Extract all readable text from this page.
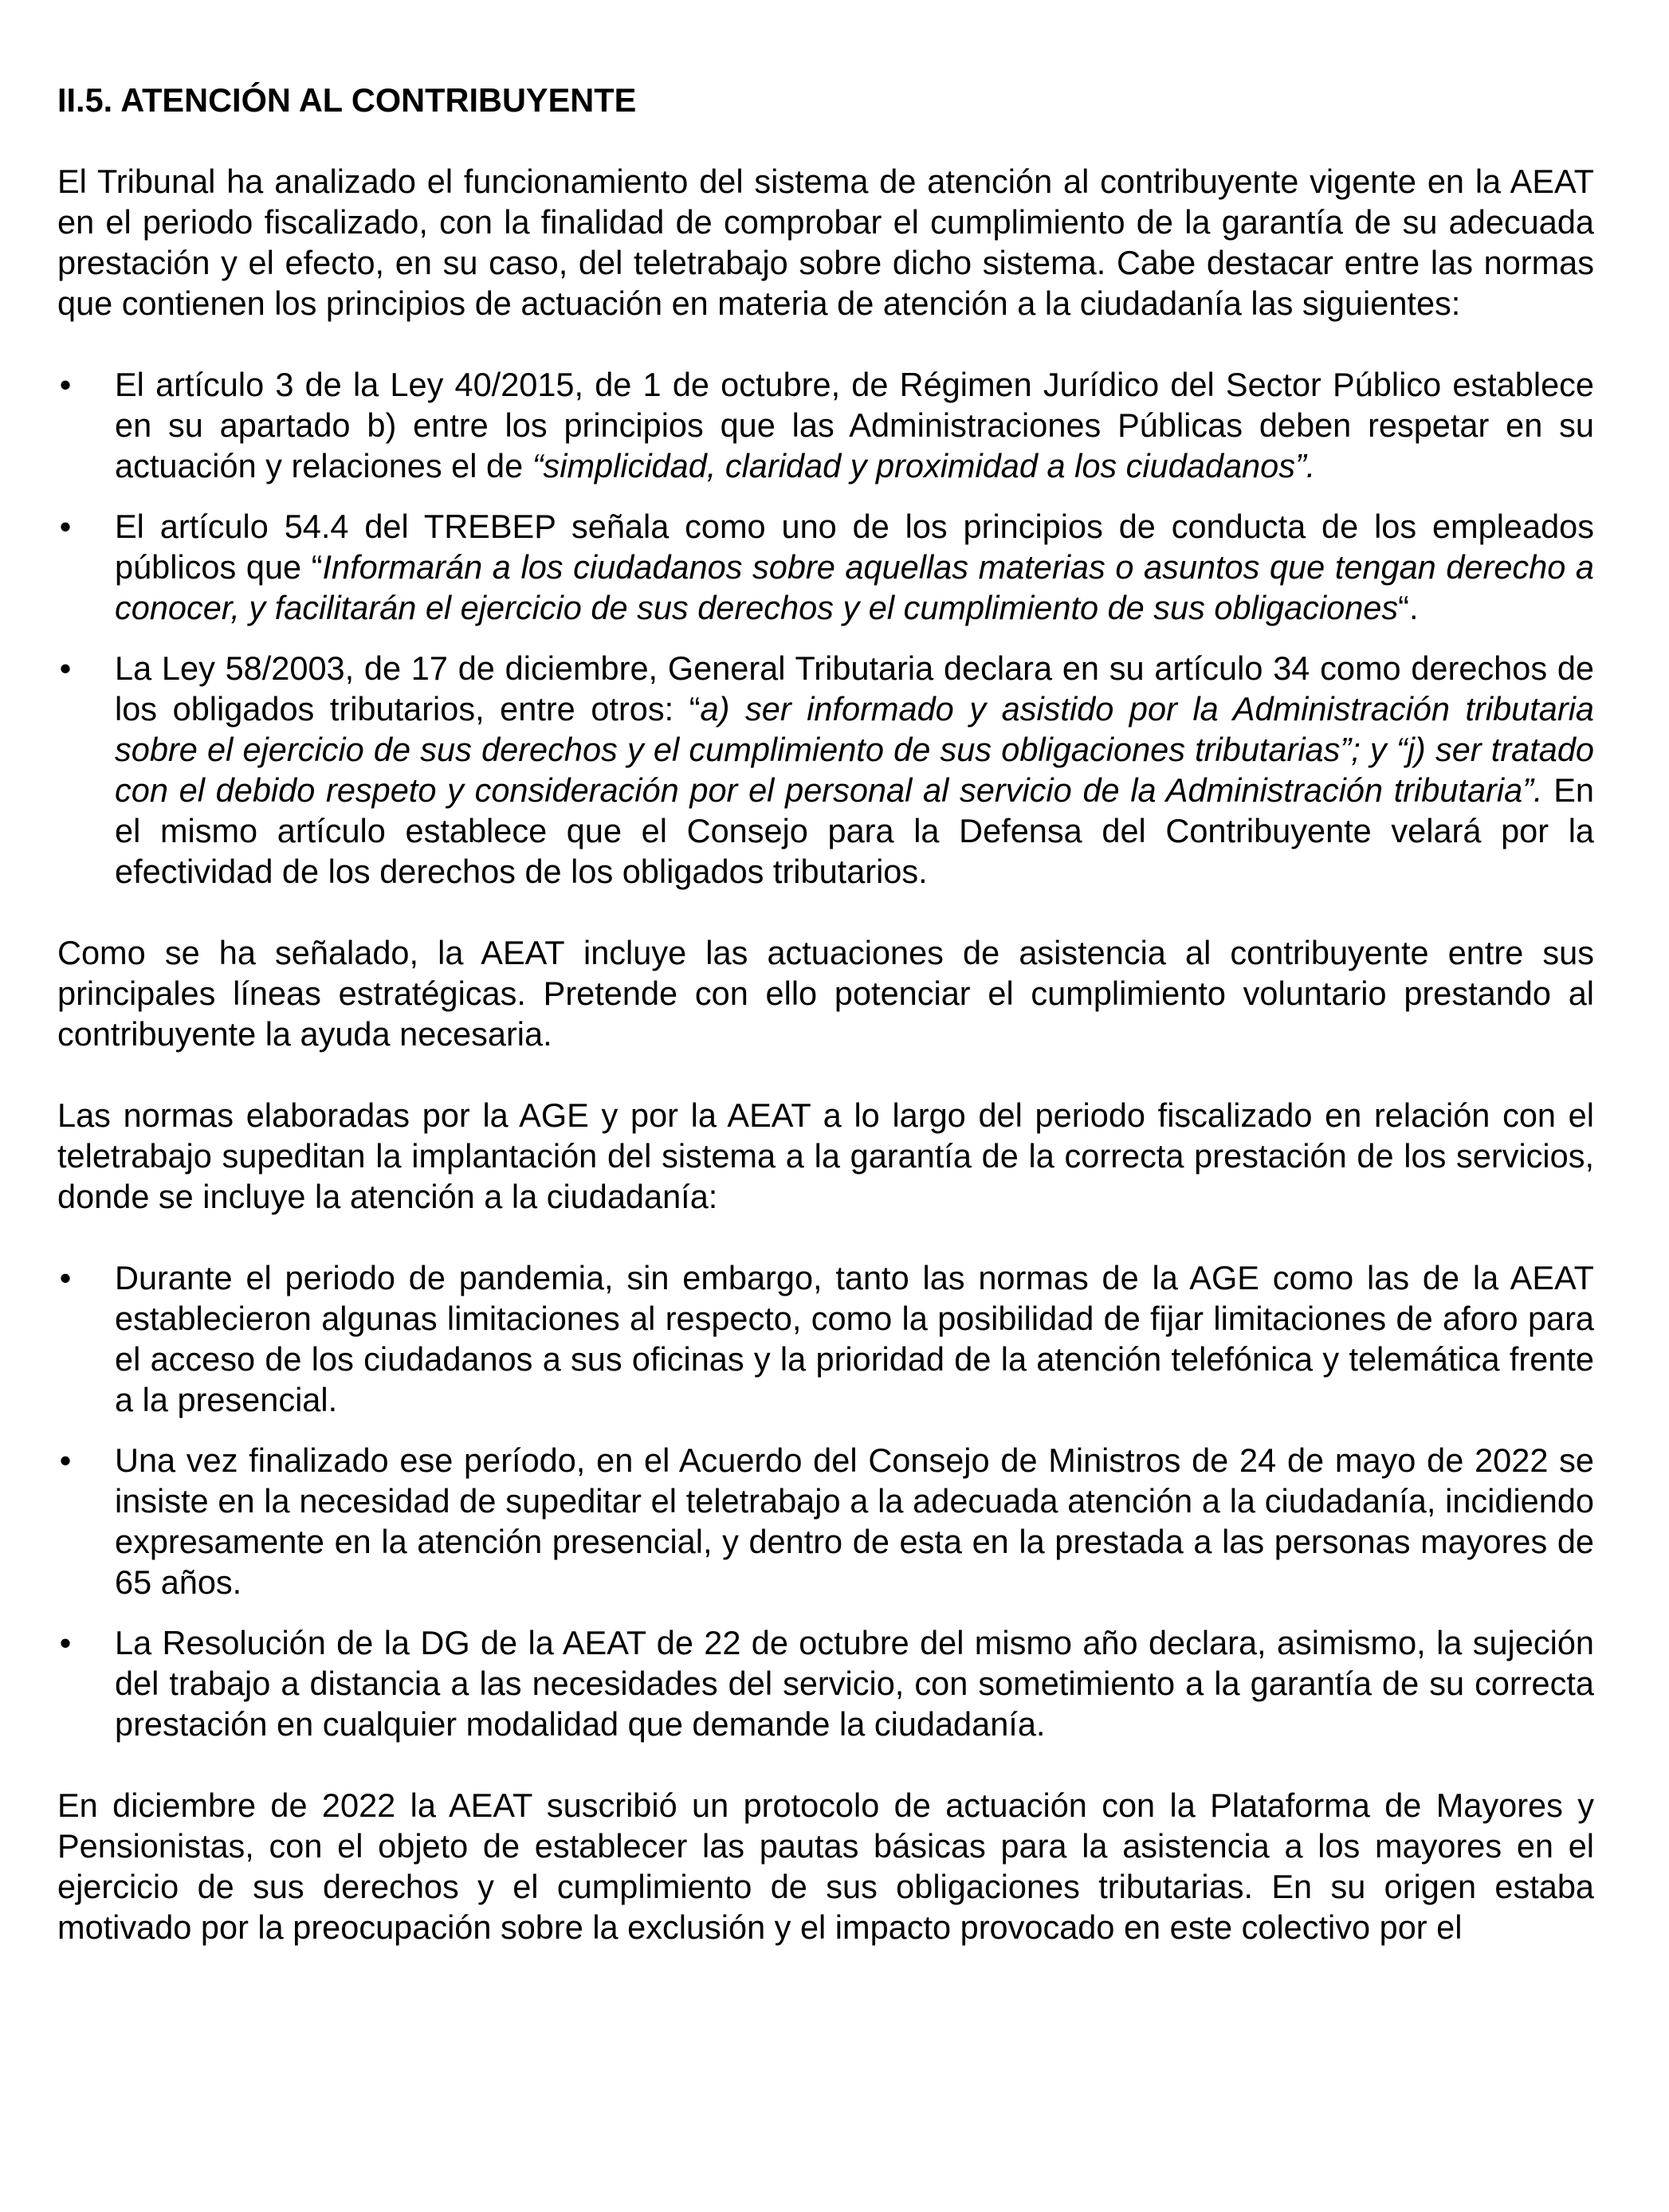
II.5. ATENCIÓN AL CONTRIBUYENTE

El Tribunal ha analizado el funcionamiento del sistema de atención al contribuyente vigente en la AEAT en el periodo fiscalizado, con la finalidad de comprobar el cumplimiento de la garantía de su adecuada prestación y el efecto, en su caso, del teletrabajo sobre dicho sistema. Cabe destacar entre las normas que contienen los principios de actuación en materia de atención a la ciudadanía las siguientes:

• El artículo 3 de la Ley 40/2015, de 1 de octubre, de Régimen Jurídico del Sector Público establece en su apartado b) entre los principios que las Administraciones Públicas deben respetar en su actuación y relaciones el de “simplicidad, claridad y proximidad a los ciudadanos”.
• El artículo 54.4 del TREBEP señala como uno de los principios de conducta de los empleados públicos que “Informarán a los ciudadanos sobre aquellas materias o asuntos que tengan derecho a conocer, y facilitarán el ejercicio de sus derechos y el cumplimiento de sus obligaciones“.
• La Ley 58/2003, de 17 de diciembre, General Tributaria declara en su artículo 34 como derechos de los obligados tributarios, entre otros: “a) ser informado y asistido por la Administración tributaria sobre el ejercicio de sus derechos y el cumplimiento de sus obligaciones tributarias”; y “j) ser tratado con el debido respeto y consideración por el personal al servicio de la Administración tributaria”. En el mismo artículo establece que el Consejo para la Defensa del Contribuyente velará por la efectividad de los derechos de los obligados tributarios.

Como se ha señalado, la AEAT incluye las actuaciones de asistencia al contribuyente entre sus principales líneas estratégicas. Pretende con ello potenciar el cumplimiento voluntario prestando al contribuyente la ayuda necesaria.

Las normas elaboradas por la AGE y por la AEAT a lo largo del periodo fiscalizado en relación con el teletrabajo supeditan la implantación del sistema a la garantía de la correcta prestación de los servicios, donde se incluye la atención a la ciudadanía:

• Durante el periodo de pandemia, sin embargo, tanto las normas de la AGE como las de la AEAT establecieron algunas limitaciones al respecto, como la posibilidad de fijar limitaciones de aforo para el acceso de los ciudadanos a sus oficinas y la prioridad de la atención telefónica y telemática frente a la presencial.
• Una vez finalizado ese período, en el Acuerdo del Consejo de Ministros de 24 de mayo de 2022 se insiste en la necesidad de supeditar el teletrabajo a la adecuada atención a la ciudadanía, incidiendo expresamente en la atención presencial, y dentro de esta en la prestada a las personas mayores de 65 años.
• La Resolución de la DG de la AEAT de 22 de octubre del mismo año declara, asimismo, la sujeción del trabajo a distancia a las necesidades del servicio, con sometimiento a la garantía de su correcta prestación en cualquier modalidad que demande la ciudadanía.

En diciembre de 2022 la AEAT suscribió un protocolo de actuación con la Plataforma de Mayores y Pensionistas, con el objeto de establecer las pautas básicas para la asistencia a los mayores en el ejercicio de sus derechos y el cumplimiento de sus obligaciones tributarias. En su origen estaba motivado por la preocupación sobre la exclusión y el impacto provocado en este colectivo por el
